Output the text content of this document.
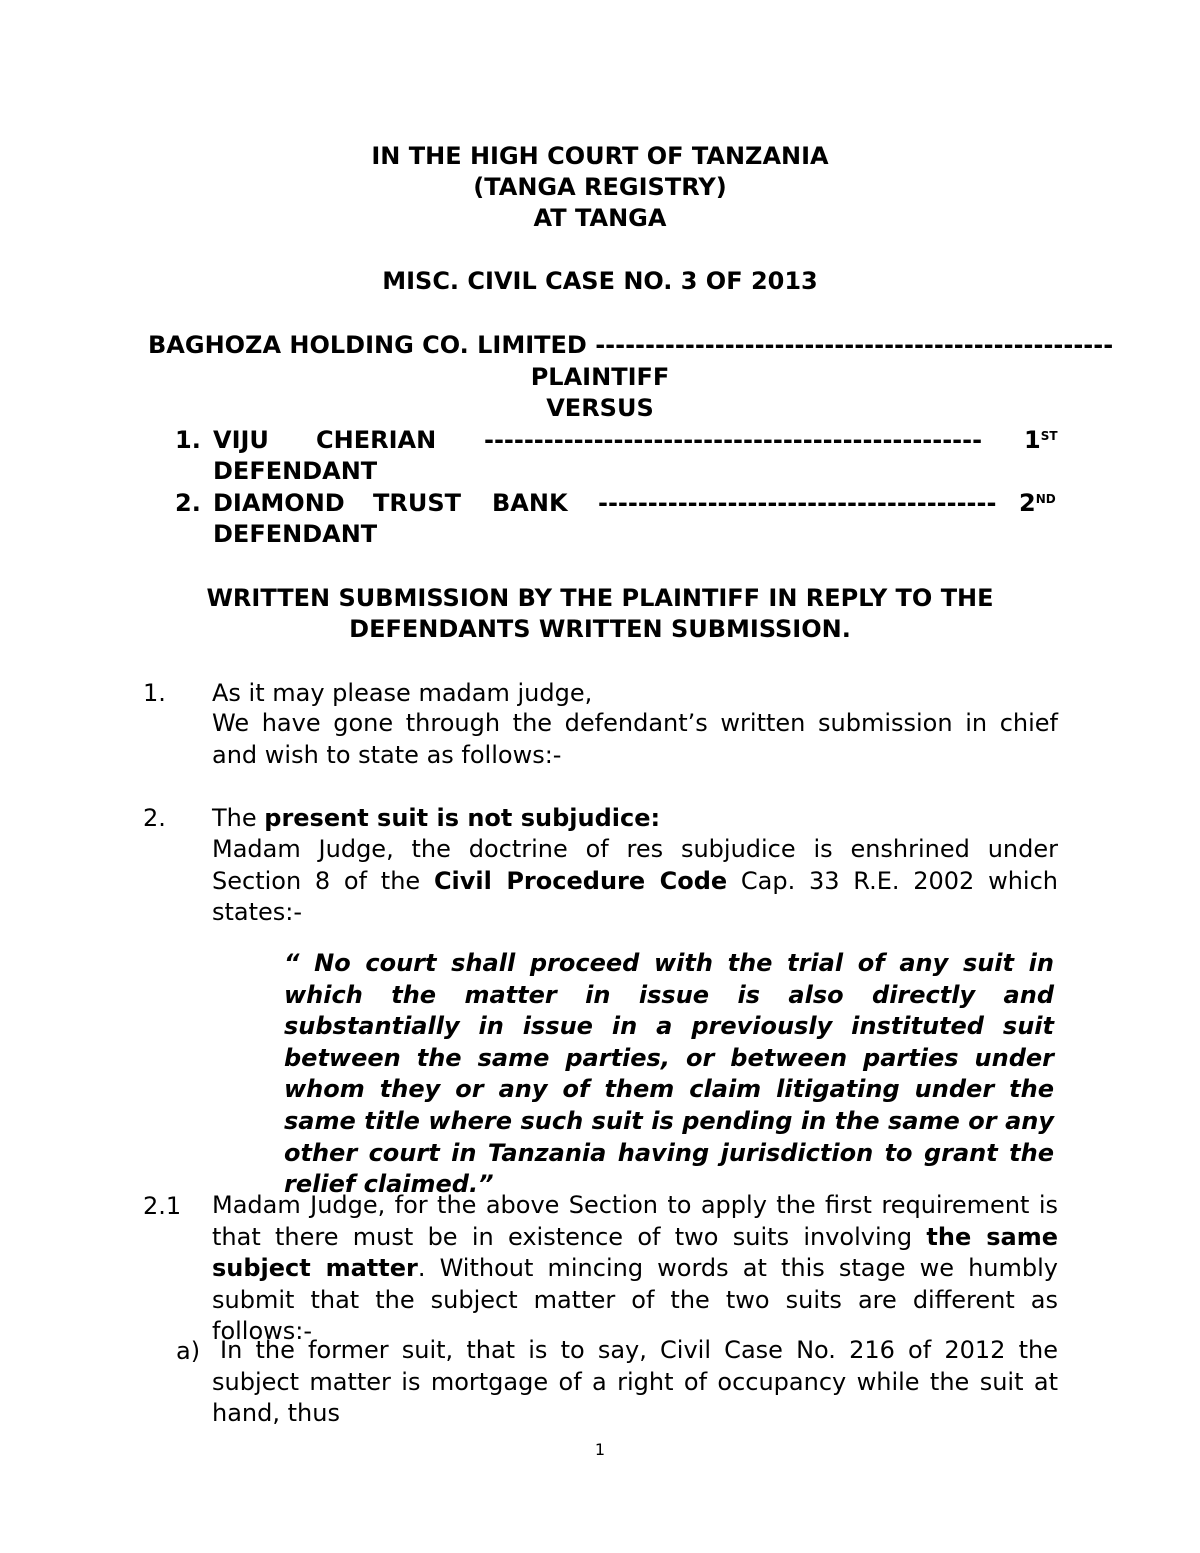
IN THE HIGH COURT OF TANZANIA
(TANGA REGISTRY)
AT TANGA
MISC. CIVIL CASE NO. 3 OF 2013
BAGHOZA HOLDING CO. LIMITED ----------------------------------------------------
PLAINTIFF
VERSUS
1. VIJU CHERIAN -------------------------------------------------- 1ST
DEFENDANT
2. DIAMOND TRUST BANK ---------------------------------------- 2ND
DEFENDANT
WRITTEN SUBMISSION BY THE PLAINTIFF IN REPLY TO THE
DEFENDANTS WRITTEN SUBMISSION.
1. As it may please madam judge,
We have gone through the defendant’s written submission in chief and wish to state as follows:-
2. The present suit is not subjudice:
Madam Judge, the doctrine of res subjudice is enshrined under Section 8 of the Civil Procedure Code Cap. 33 R.E. 2002 which states:-
“ No court shall proceed with the trial of any suit in which the matter in issue is also directly and substantially in issue in a previously instituted suit between the same parties, or between parties under whom they or any of them claim litigating under the same title where such suit is pending in the same or any other court in Tanzania having jurisdiction to grant the relief claimed.”
2.1 Madam Judge, for the above Section to apply the first requirement is that there must be in existence of two suits involving the same subject matter. Without mincing words at this stage we humbly submit that the subject matter of the two suits are different as follows:-
a) In the former suit, that is to say, Civil Case No. 216 of 2012 the subject matter is mortgage of a right of occupancy while the suit at hand, thus
1
